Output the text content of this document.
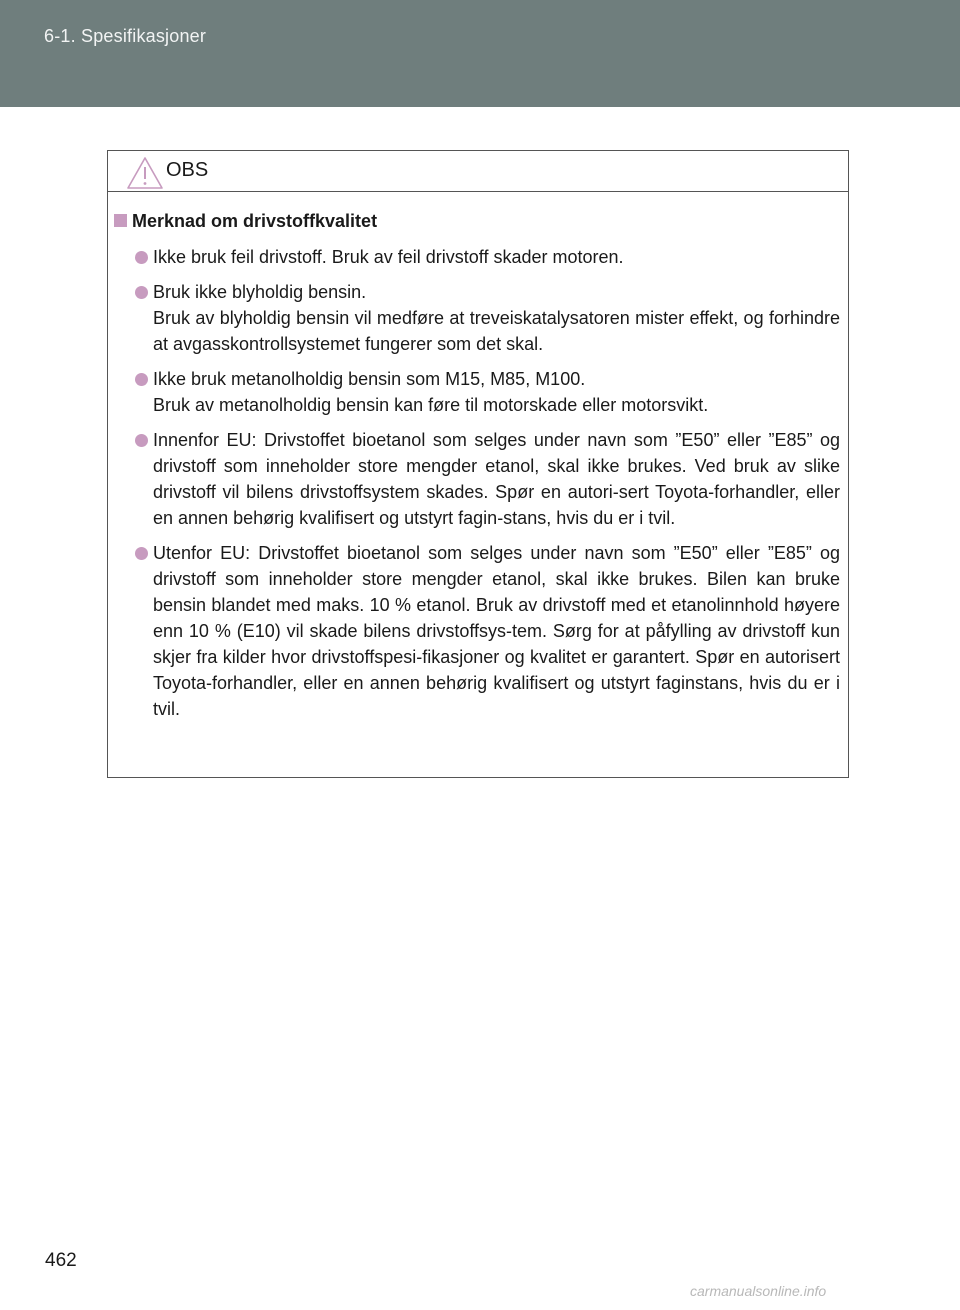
6-1. Spesifikasjoner
OBS
Merknad om drivstoffkvalitet

Ikke bruk feil drivstoff. Bruk av feil drivstoff skader motoren.

Bruk ikke blyholdig bensin.

Bruk av blyholdig bensin vil medføre at treveiskatalysatoren mister effekt, og forhindre at avgasskontrollsystemet fungerer som det skal.

Ikke bruk metanolholdig bensin som M15, M85, M100.

Bruk av metanolholdig bensin kan føre til motorskade eller motorsvikt.

Innenfor EU: Drivstoffet bioetanol som selges under navn som ”E50” eller ”E85” og drivstoff som inneholder store mengder etanol, skal ikke brukes. Ved bruk av slike drivstoff vil bilens drivstoffsystem skades. Spør en autori-sert Toyota-forhandler, eller en annen behørig kvalifisert og utstyrt fagin-stans, hvis du er i tvil.

Utenfor EU: Drivstoffet bioetanol som selges under navn som ”E50” eller ”E85” og drivstoff som inneholder store mengder etanol, skal ikke brukes. Bilen kan bruke bensin blandet med maks. 10 % etanol. Bruk av drivstoff med et etanolinnhold høyere enn 10 % (E10) vil skade bilens drivstoffsys-tem. Sørg for at påfylling av drivstoff kun skjer fra kilder hvor drivstoffspesi-fikasjoner og kvalitet er garantert. Spør en autorisert Toyota-forhandler, eller en annen behørig kvalifisert og utstyrt faginstans, hvis du er i tvil.

462
carmanualsonline.info
